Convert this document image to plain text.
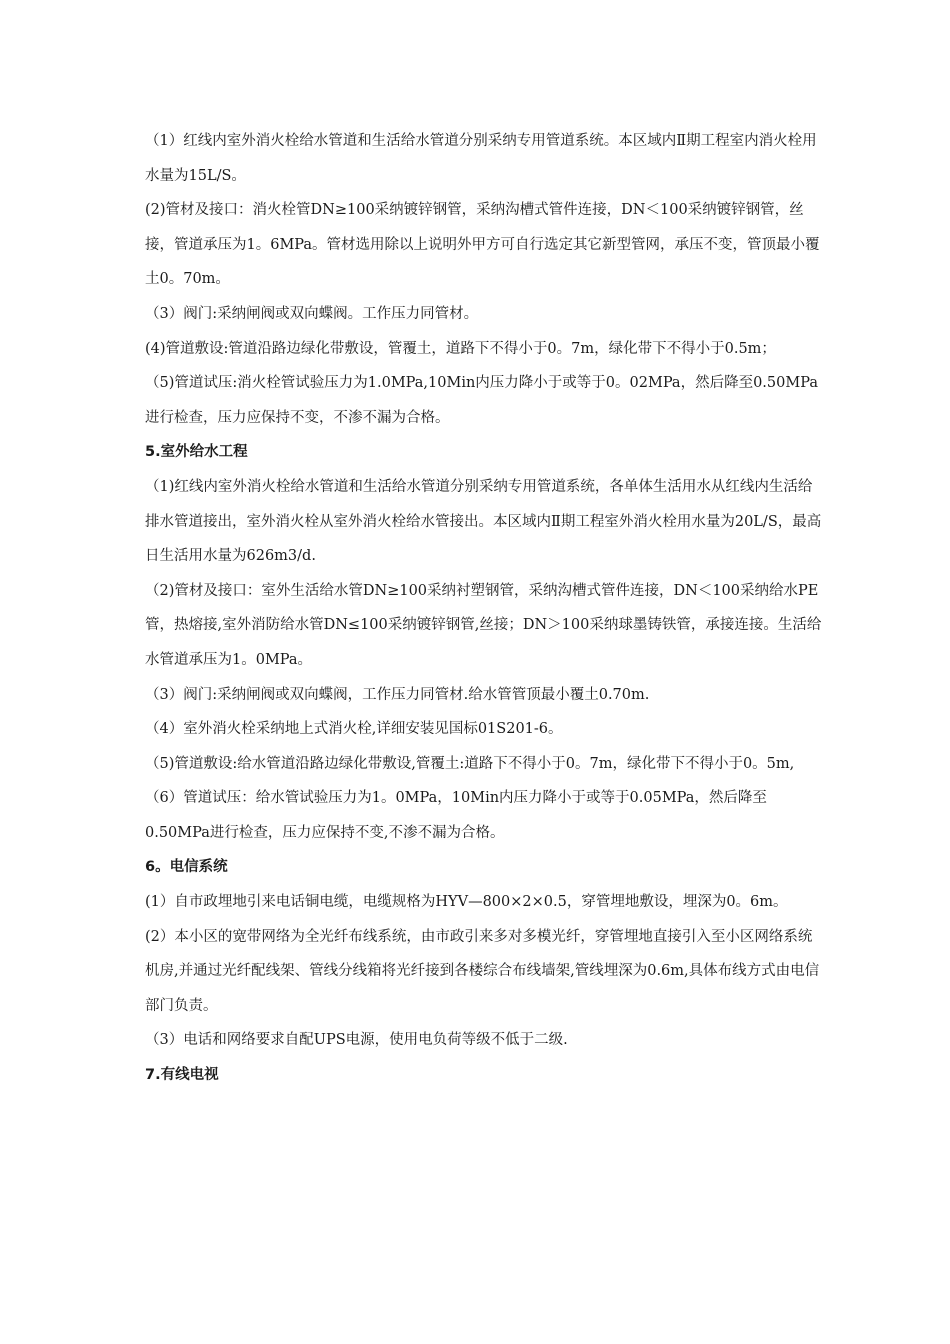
（1）红线内室外消火栓给水管道和生活给水管道分别采纳专用管道系统。本区域内Ⅱ期工程室内消火栓用水量为15L/S。

(2)管材及接口：消火栓管DN≥100采纳镀锌钢管，采纳沟槽式管件连接，DN＜100采纳镀锌钢管，丝接，管道承压为1。6MPa。管材选用除以上说明外甲方可自行选定其它新型管网，承压不变，管顶最小覆土0。70m。

（3）阀门:采纳闸阀或双向蝶阀。工作压力同管材。

(4)管道敷设:管道沿路边绿化带敷设，管覆土，道路下不得小于0。7m，绿化带下不得小于0.5m；

（5)管道试压:消火栓管试验压力为1.0MPa,10Min内压力降小于或等于0。02MPa，然后降至0.50MPa进行检查，压力应保持不变，不渗不漏为合格。

5.室外给水工程

（1)红线内室外消火栓给水管道和生活给水管道分别采纳专用管道系统，各单体生活用水从红线内生活给排水管道接出，室外消火栓从室外消火栓给水管接出。本区域内Ⅱ期工程室外消火栓用水量为20L/S，最高日生活用水量为626m3/d.

（2)管材及接口：室外生活给水管DN≥100采纳衬塑钢管，采纳沟槽式管件连接，DN＜100采纳给水PE管，热熔接,室外消防给水管DN≤100采纳镀锌钢管,丝接；DN＞100采纳球墨铸铁管，承接连接。生活给水管道承压为1。0MPa。

（3）阀门:采纳闸阀或双向蝶阀，工作压力同管材.给水管管顶最小覆土0.70m.

（4）室外消火栓采纳地上式消火栓,详细安装见国标01S201-6。

（5)管道敷设:给水管道沿路边绿化带敷设,管覆土:道路下不得小于0。7m，绿化带下不得小于0。5m,

（6）管道试压：给水管试验压力为1。0MPa，10Min内压力降小于或等于0.05MPa，然后降至0.50MPa进行检查，压力应保持不变,不渗不漏为合格。

6。电信系统

(1）自市政埋地引来电话铜电缆，电缆规格为HYV—800×2×0.5，穿管埋地敷设，埋深为0。6m。

(2）本小区的宽带网络为全光纤布线系统，由市政引来多对多模光纤，穿管埋地直接引入至小区网络系统机房,并通过光纤配线架、管线分线箱将光纤接到各楼综合布线墙架,管线埋深为0.6m,具体布线方式由电信部门负责。

（3）电话和网络要求自配UPS电源，使用电负荷等级不低于二级.

7.有线电视
